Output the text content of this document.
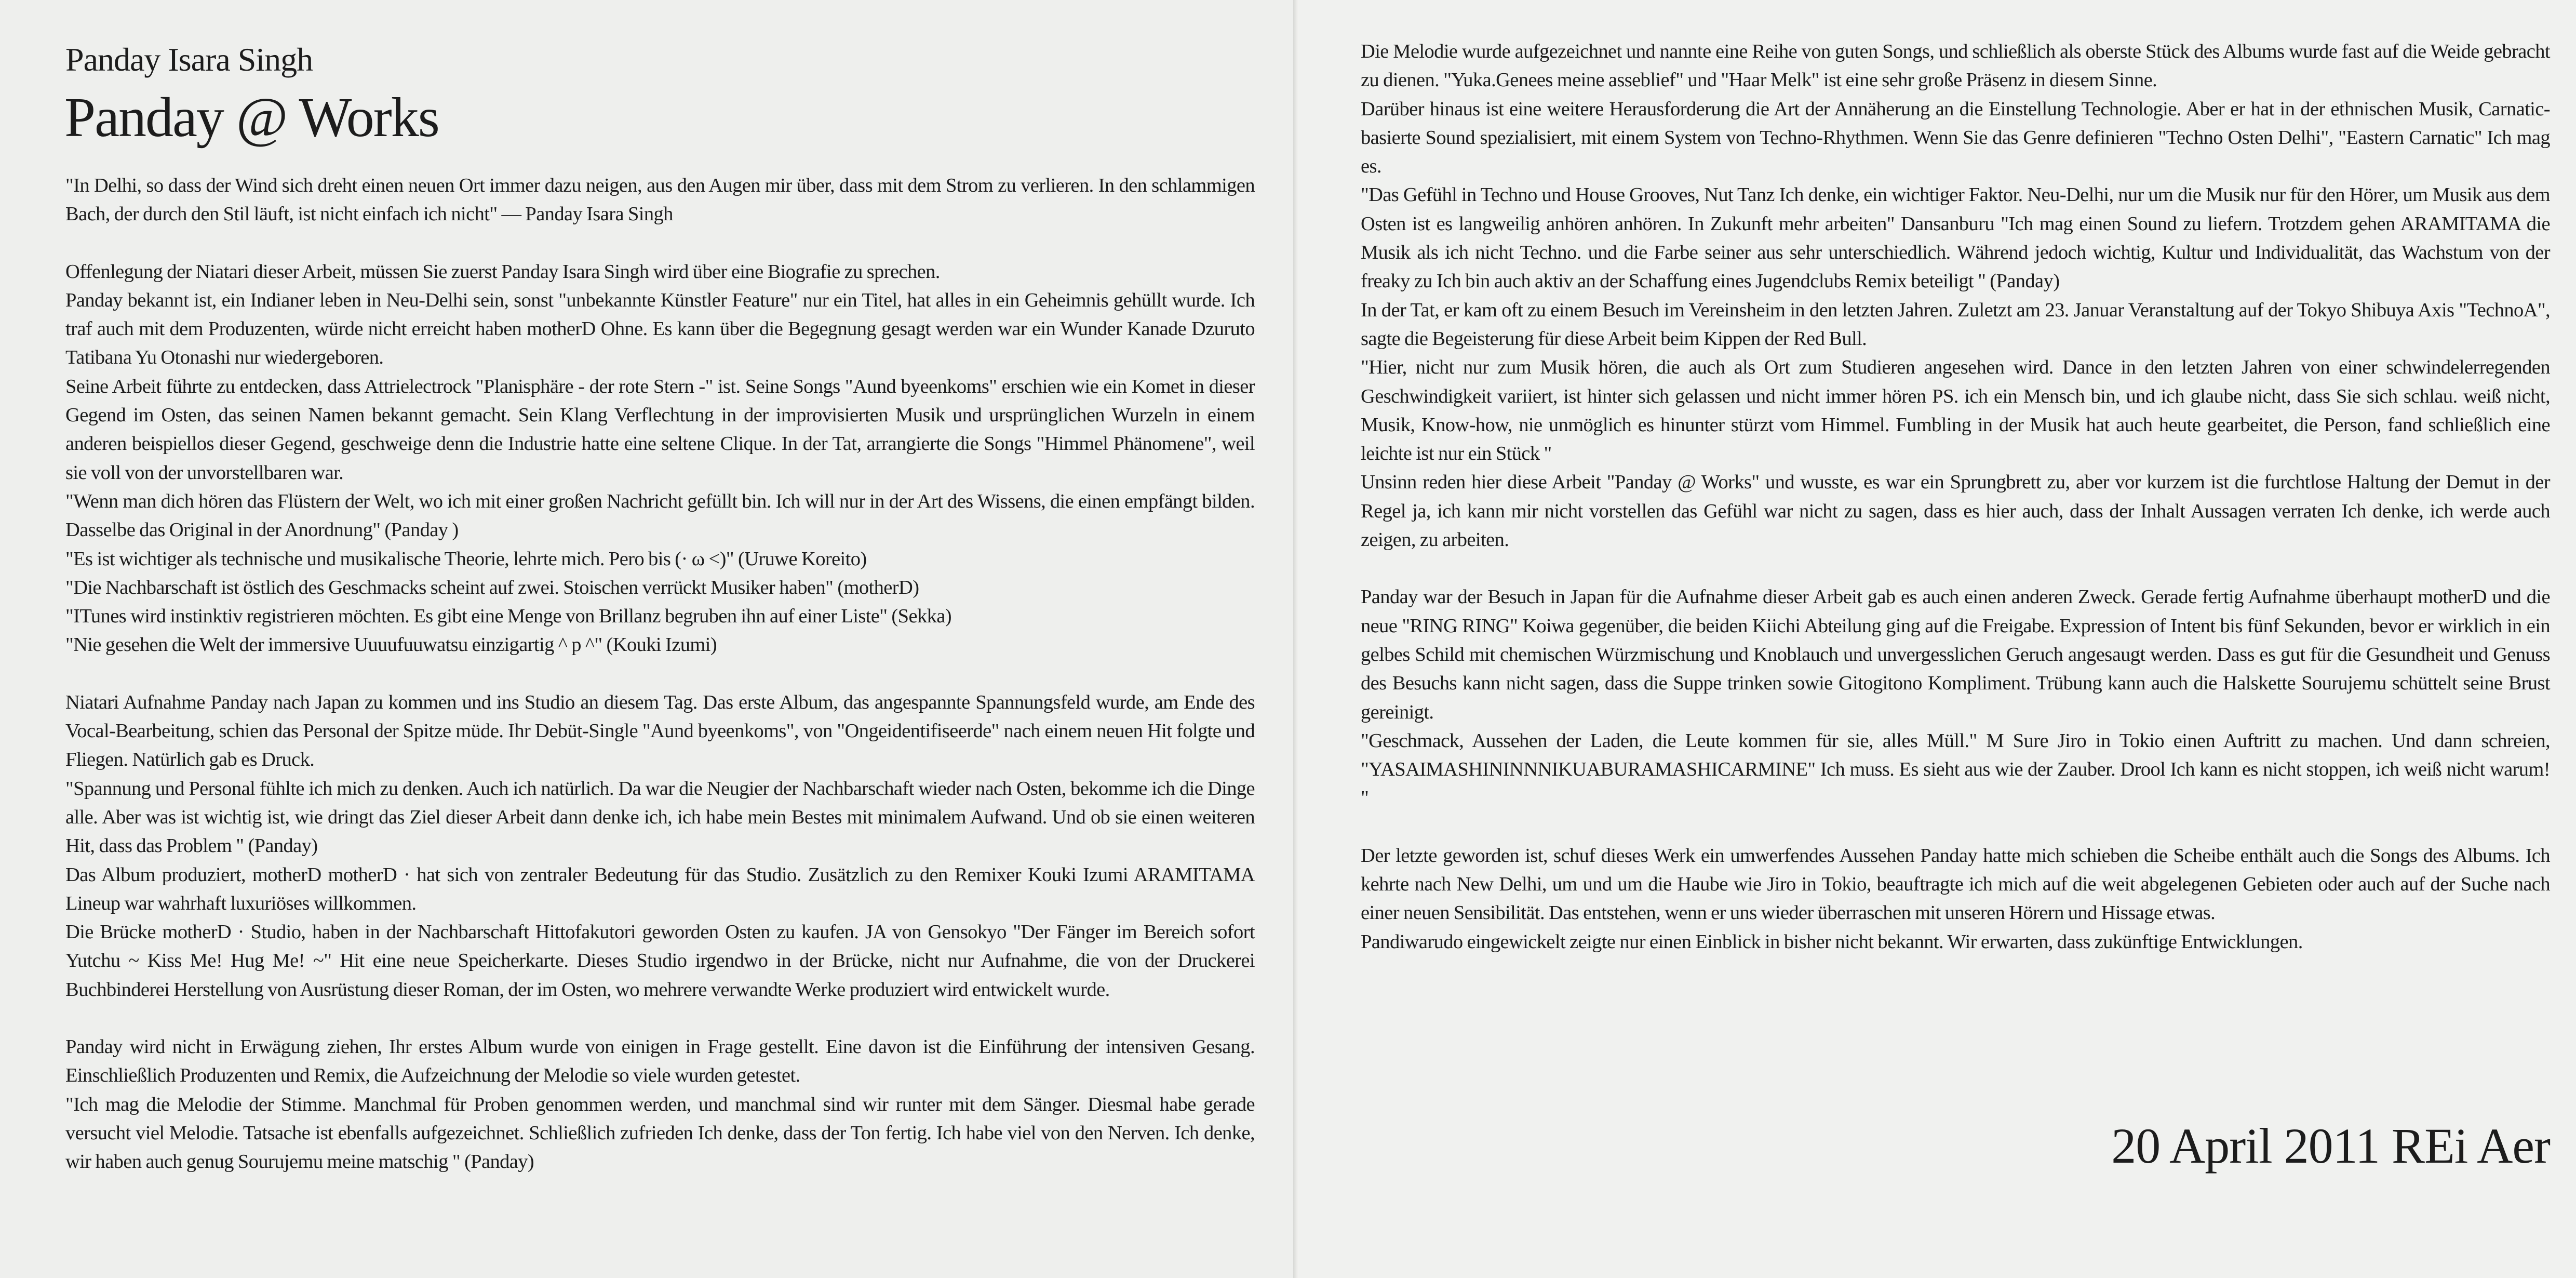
Panday Isara Singh
Panday @ Works

"In Delhi, so dass der Wind sich dreht einen neuen Ort immer dazu neigen, aus den Augen mir über, dass mit dem Strom zu verlieren. In den schlammigen Bach, der durch den Stil läuft, ist nicht einfach ich nicht" — Panday Isara Singh

Offenlegung der Niatari dieser Arbeit, müssen Sie zuerst Panday Isara Singh wird über eine Biografie zu sprechen.

Panday bekannt ist, ein Indianer leben in Neu-Delhi sein, sonst "unbekannte Künstler Feature" nur ein Titel, hat alles in ein Geheimnis gehüllt wurde. Ich traf auch mit dem Produzenten, würde nicht erreicht haben motherD Ohne. Es kann über die Begegnung gesagt werden war ein Wunder Kanade Dzuruto Tatibana Yu Otonashi nur wiedergeboren.

Seine Arbeit führte zu entdecken, dass Attrielectrock "Planisphäre - der rote Stern -" ist. Seine Songs "Aund byeenkoms" erschien wie ein Komet in dieser Gegend im Osten, das seinen Namen bekannt gemacht. Sein Klang Verflechtung in der improvisierten Musik und ursprünglichen Wurzeln in einem anderen beispiellos dieser Gegend, geschweige denn die Industrie hatte eine seltene Clique. In der Tat, arrangierte die Songs "Himmel Phänomene", weil sie voll von der unvorstellbaren war.

"Wenn man dich hören das Flüstern der Welt, wo ich mit einer großen Nachricht gefüllt bin. Ich will nur in der Art des Wissens, die einen empfängt bilden. Dasselbe das Original in der Anordnung" (Panday )

"Es ist wichtiger als technische und musikalische Theorie, lehrte mich. Pero bis (· ω <)" (Uruwe Koreito)

"Die Nachbarschaft ist östlich des Geschmacks scheint auf zwei. Stoischen verrückt Musiker haben" (motherD)

"ITunes wird instinktiv registrieren möchten. Es gibt eine Menge von Brillanz begruben ihn auf einer Liste" (Sekka)

"Nie gesehen die Welt der immersive Uuuufuuwatsu einzigartig ^ p ^" (Kouki Izumi)

Niatari Aufnahme Panday nach Japan zu kommen und ins Studio an diesem Tag. Das erste Album, das angespannte Spannungsfeld wurde, am Ende des Vocal-Bearbeitung, schien das Personal der Spitze müde. Ihr Debüt-Single "Aund byeenkoms", von "Ongeidentifiseerde" nach einem neuen Hit folgte und Fliegen. Natürlich gab es Druck.

"Spannung und Personal fühlte ich mich zu denken. Auch ich natürlich. Da war die Neugier der Nachbarschaft wieder nach Osten, bekomme ich die Dinge alle. Aber was ist wichtig ist, wie dringt das Ziel dieser Arbeit dann denke ich, ich habe mein Bestes mit minimalem Aufwand. Und ob sie einen weiteren Hit, dass das Problem " (Panday)

Das Album produziert, motherD motherD · hat sich von zentraler Bedeutung für das Studio. Zusätzlich zu den Remixer Kouki Izumi ARAMITAMA Lineup war wahrhaft luxuriöses willkommen.

Die Brücke motherD · Studio, haben in der Nachbarschaft Hittofakutori geworden Osten zu kaufen. JA von Gensokyo "Der Fänger im Bereich sofort Yutchu ~ Kiss Me! Hug Me! ~" Hit eine neue Speicherkarte. Dieses Studio irgendwo in der Brücke, nicht nur Aufnahme, die von der Druckerei Buchbinderei Herstellung von Ausrüstung dieser Roman, der im Osten, wo mehrere verwandte Werke produziert wird entwickelt wurde.

Panday wird nicht in Erwägung ziehen, Ihr erstes Album wurde von einigen in Frage gestellt. Eine davon ist die Einführung der intensiven Gesang. Einschließlich Produzenten und Remix, die Aufzeichnung der Melodie so viele wurden getestet.

"Ich mag die Melodie der Stimme. Manchmal für Proben genommen werden, und manchmal sind wir runter mit dem Sänger. Diesmal habe gerade versucht viel Melodie. Tatsache ist ebenfalls aufgezeichnet. Schließlich zufrieden Ich denke, dass der Ton fertig. Ich habe viel von den Nerven. Ich denke, wir haben auch genug Sourujemu meine matschig " (Panday)

Die Melodie wurde aufgezeichnet und nannte eine Reihe von guten Songs, und schließlich als oberste Stück des Albums wurde fast auf die Weide gebracht zu dienen. "Yuka.Genees meine asseblief" und "Haar Melk" ist eine sehr große Präsenz in diesem Sinne.

Darüber hinaus ist eine weitere Herausforderung die Art der Annäherung an die Einstellung Technologie. Aber er hat in der ethnischen Musik, Carnatic-basierte Sound spezialisiert, mit einem System von Techno-Rhythmen. Wenn Sie das Genre definieren "Techno Osten Delhi", "Eastern Carnatic" Ich mag es.

"Das Gefühl in Techno und House Grooves, Nut Tanz Ich denke, ein wichtiger Faktor. Neu-Delhi, nur um die Musik nur für den Hörer, um Musik aus dem Osten ist es langweilig anhören anhören. In Zukunft mehr arbeiten" Dansanburu "Ich mag einen Sound zu liefern. Trotzdem gehen ARAMITAMA die Musik als ich nicht Techno. und die Farbe seiner aus sehr unterschiedlich. Während jedoch wichtig, Kultur und Individualität, das Wachstum von der freaky zu Ich bin auch aktiv an der Schaffung eines Jugendclubs Remix beteiligt " (Panday)

In der Tat, er kam oft zu einem Besuch im Vereinsheim in den letzten Jahren. Zuletzt am 23. Januar Veranstaltung auf der Tokyo Shibuya Axis "TechnoA", sagte die Begeisterung für diese Arbeit beim Kippen der Red Bull.

"Hier, nicht nur zum Musik hören, die auch als Ort zum Studieren angesehen wird. Dance in den letzten Jahren von einer schwindelerregenden Geschwindigkeit variiert, ist hinter sich gelassen und nicht immer hören PS. ich ein Mensch bin, und ich glaube nicht, dass Sie sich schlau. weiß nicht, Musik, Know-how, nie unmöglich es hinunter stürzt vom Himmel. Fumbling in der Musik hat auch heute gearbeitet, die Person, fand schließlich eine leichte ist nur ein Stück "

Unsinn reden hier diese Arbeit "Panday @ Works" und wusste, es war ein Sprungbrett zu, aber vor kurzem ist die furchtlose Haltung der Demut in der Regel ja, ich kann mir nicht vorstellen das Gefühl war nicht zu sagen, dass es hier auch, dass der Inhalt Aussagen verraten Ich denke, ich werde auch zeigen, zu arbeiten.

Panday war der Besuch in Japan für die Aufnahme dieser Arbeit gab es auch einen anderen Zweck. Gerade fertig Aufnahme überhaupt motherD und die neue "RING RING" Koiwa gegenüber, die beiden Kiichi Abteilung ging auf die Freigabe. Expression of Intent bis fünf Sekunden, bevor er wirklich in ein gelbes Schild mit chemischen Würzmischung und Knoblauch und unvergesslichen Geruch angesaugt werden. Dass es gut für die Gesundheit und Genuss des Besuchs kann nicht sagen, dass die Suppe trinken sowie Gitogitono Kompliment. Trübung kann auch die Halskette Sourujemu schüttelt seine Brust gereinigt.

"Geschmack, Aussehen der Laden, die Leute kommen für sie, alles Müll." M Sure Jiro in Tokio einen Auftritt zu machen. Und dann schreien, "YASAIMASHININNNIKUABURAMASHICARMINE" Ich muss. Es sieht aus wie der Zauber. Drool Ich kann es nicht stoppen, ich weiß nicht warum! "

Der letzte geworden ist, schuf dieses Werk ein umwerfendes Aussehen Panday hatte mich schieben die Scheibe enthält auch die Songs des Albums. Ich kehrte nach New Delhi, um und um die Haube wie Jiro in Tokio, beauftragte ich mich auf die weit abgelegenen Gebieten oder auch auf der Suche nach einer neuen Sensibilität. Das entstehen, wenn er uns wieder überraschen mit unseren Hörern und Hissage etwas.

Pandiwarudo eingewickelt zeigte nur einen Einblick in bisher nicht bekannt. Wir erwarten, dass zukünftige Entwicklungen.

20 April 2011 REi Aer
